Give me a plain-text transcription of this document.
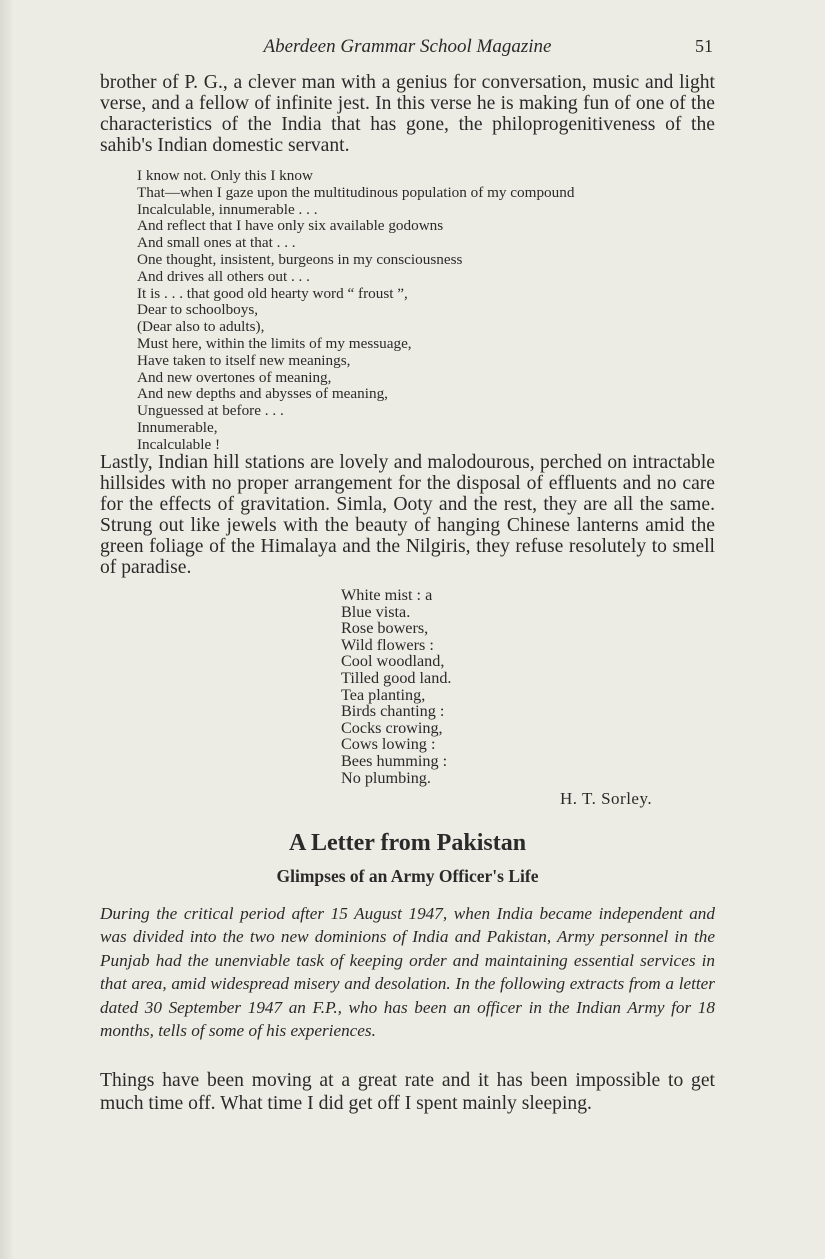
Aberdeen Grammar School Magazine	51

brother of P. G., a clever man with a genius for conversation, music and light verse, and a fellow of infinite jest. In this verse he is making fun of one of the characteristics of the India that has gone, the philoprogenitiveness of the sahib's Indian domestic servant.

I know not. Only this I know
That—when I gaze upon the multitudinous population of my compound
Incalculable, innumerable . . .
And reflect that I have only six available godowns
And small ones at that . . .
One thought, insistent, burgeons in my consciousness
And drives all others out . . .
It is . . . that good old hearty word “ froust ”,
Dear to schoolboys,
(Dear also to adults),
Must here, within the limits of my messuage,
Have taken to itself new meanings,
And new overtones of meaning,
And new depths and abysses of meaning,
Unguessed at before . . .
Innumerable,
Incalculable !

Lastly, Indian hill stations are lovely and malodourous, perched on intractable hillsides with no proper arrangement for the disposal of effluents and no care for the effects of gravitation. Simla, Ooty and the rest, they are all the same. Strung out like jewels with the beauty of hanging Chinese lanterns amid the green foliage of the Himalaya and the Nilgiris, they refuse resolutely to smell of paradise.

White mist : a
Blue vista.
Rose bowers,
Wild flowers :
Cool woodland,
Tilled good land.
Tea planting,
Birds chanting :
Cocks crowing,
Cows lowing :
Bees humming :
No plumbing.
H. T. Sorley.
A Letter from Pakistan
Glimpses of an Army Officer's Life

During the critical period after 15 August 1947, when India became independent and was divided into the two new dominions of India and Pakistan, Army personnel in the Punjab had the unenviable task of keeping order and maintaining essential services in that area, amid widespread misery and desolation. In the following extracts from a letter dated 30 September 1947 an F.P., who has been an officer in the Indian Army for 18 months, tells of some of his experiences.

Things have been moving at a great rate and it has been impossible to get much time off. What time I did get off I spent mainly sleeping.
